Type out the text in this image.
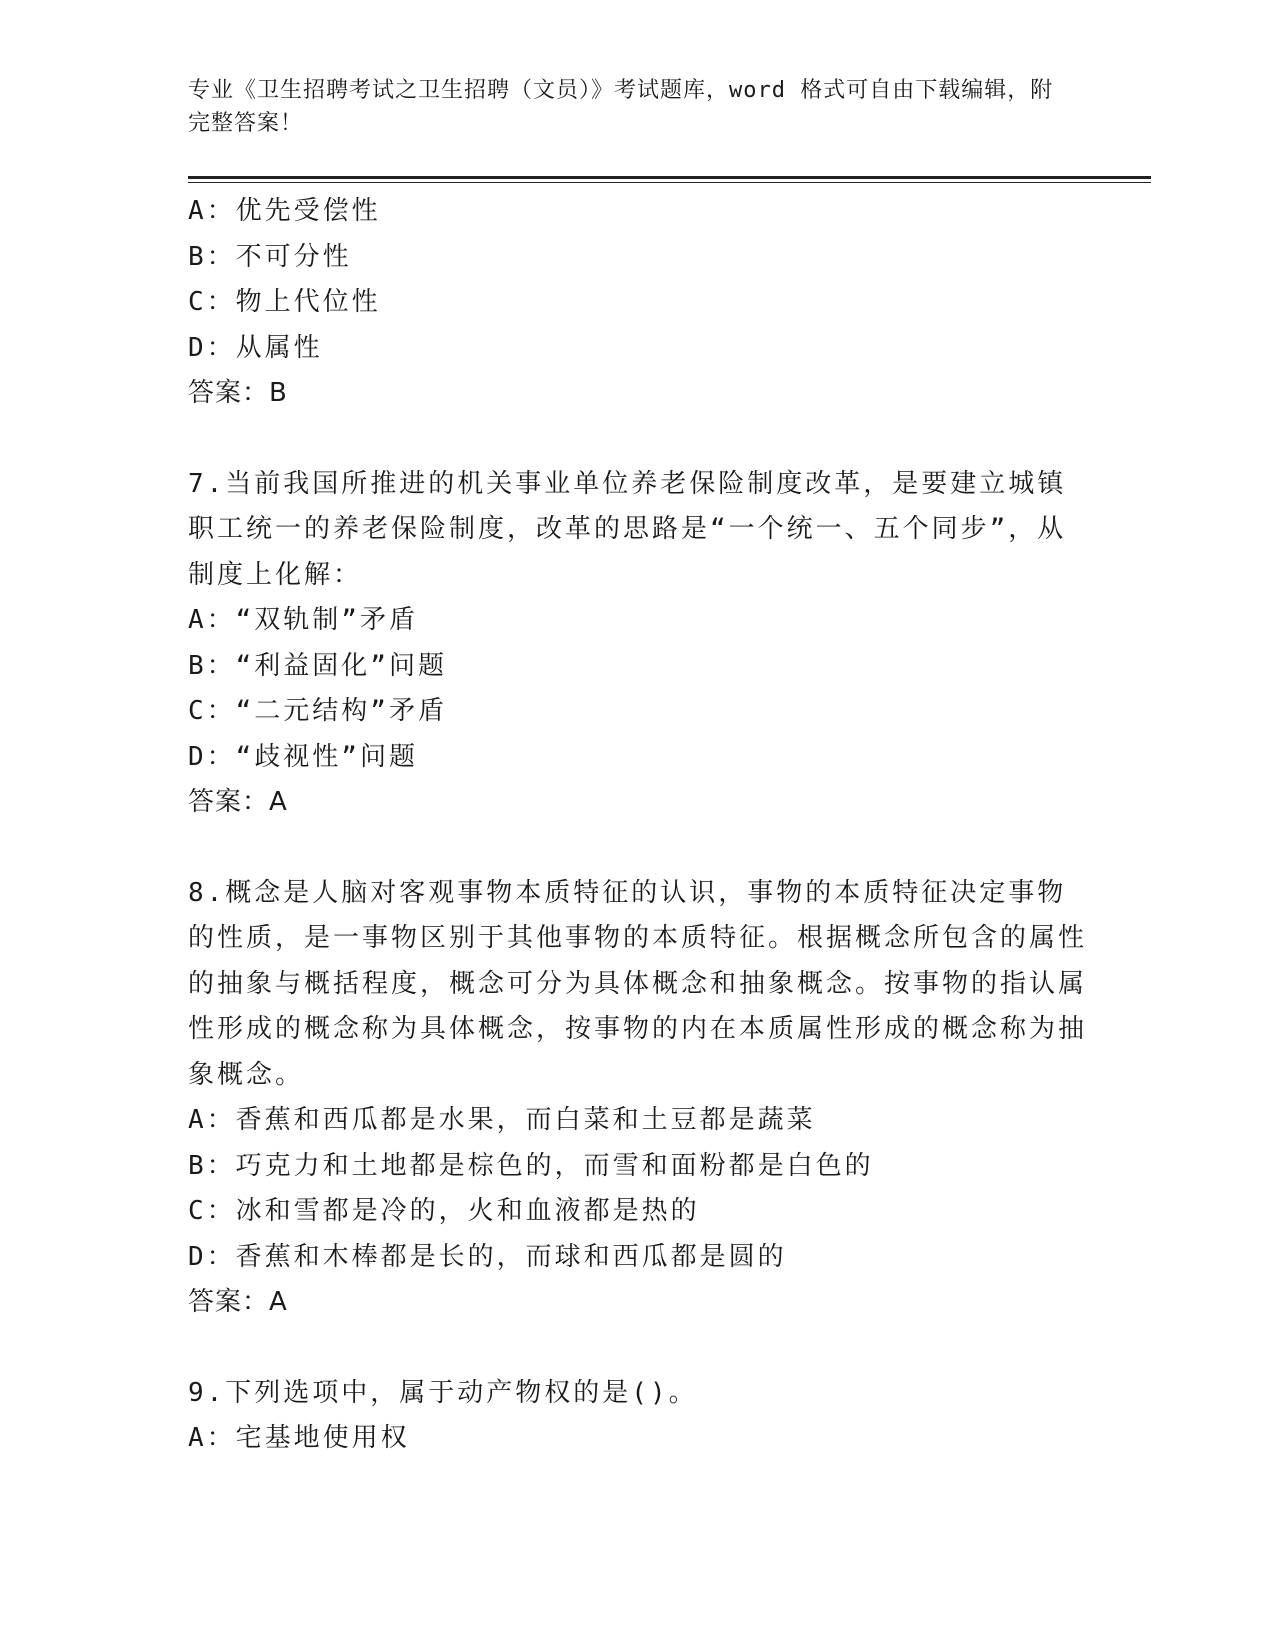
专业《卫生招聘考试之卫生招聘（文员）》考试题库，word 格式可自由下载编辑，附完整答案！
A：优先受偿性
B：不可分性
C：物上代位性
D：从属性
答案：B
7.当前我国所推进的机关事业单位养老保险制度改革，是要建立城镇职工统一的养老保险制度，改革的思路是“一个统一、五个同步”，从制度上化解：
A：“双轨制”矛盾
B：“利益固化”问题
C：“二元结构”矛盾
D：“歧视性”问题
答案：A
8.概念是人脑对客观事物本质特征的认识，事物的本质特征决定事物的性质，是一事物区别于其他事物的本质特征。根据概念所包含的属性的抽象与概括程度，概念可分为具体概念和抽象概念。按事物的指认属性形成的概念称为具体概念，按事物的内在本质属性形成的概念称为抽象概念。
A：香蕉和西瓜都是水果，而白菜和土豆都是蔬菜
B：巧克力和土地都是棕色的，而雪和面粉都是白色的
C：冰和雪都是冷的，火和血液都是热的
D：香蕉和木棒都是长的，而球和西瓜都是圆的
答案：A
9.下列选项中，属于动产物权的是()。
A：宅基地使用权
